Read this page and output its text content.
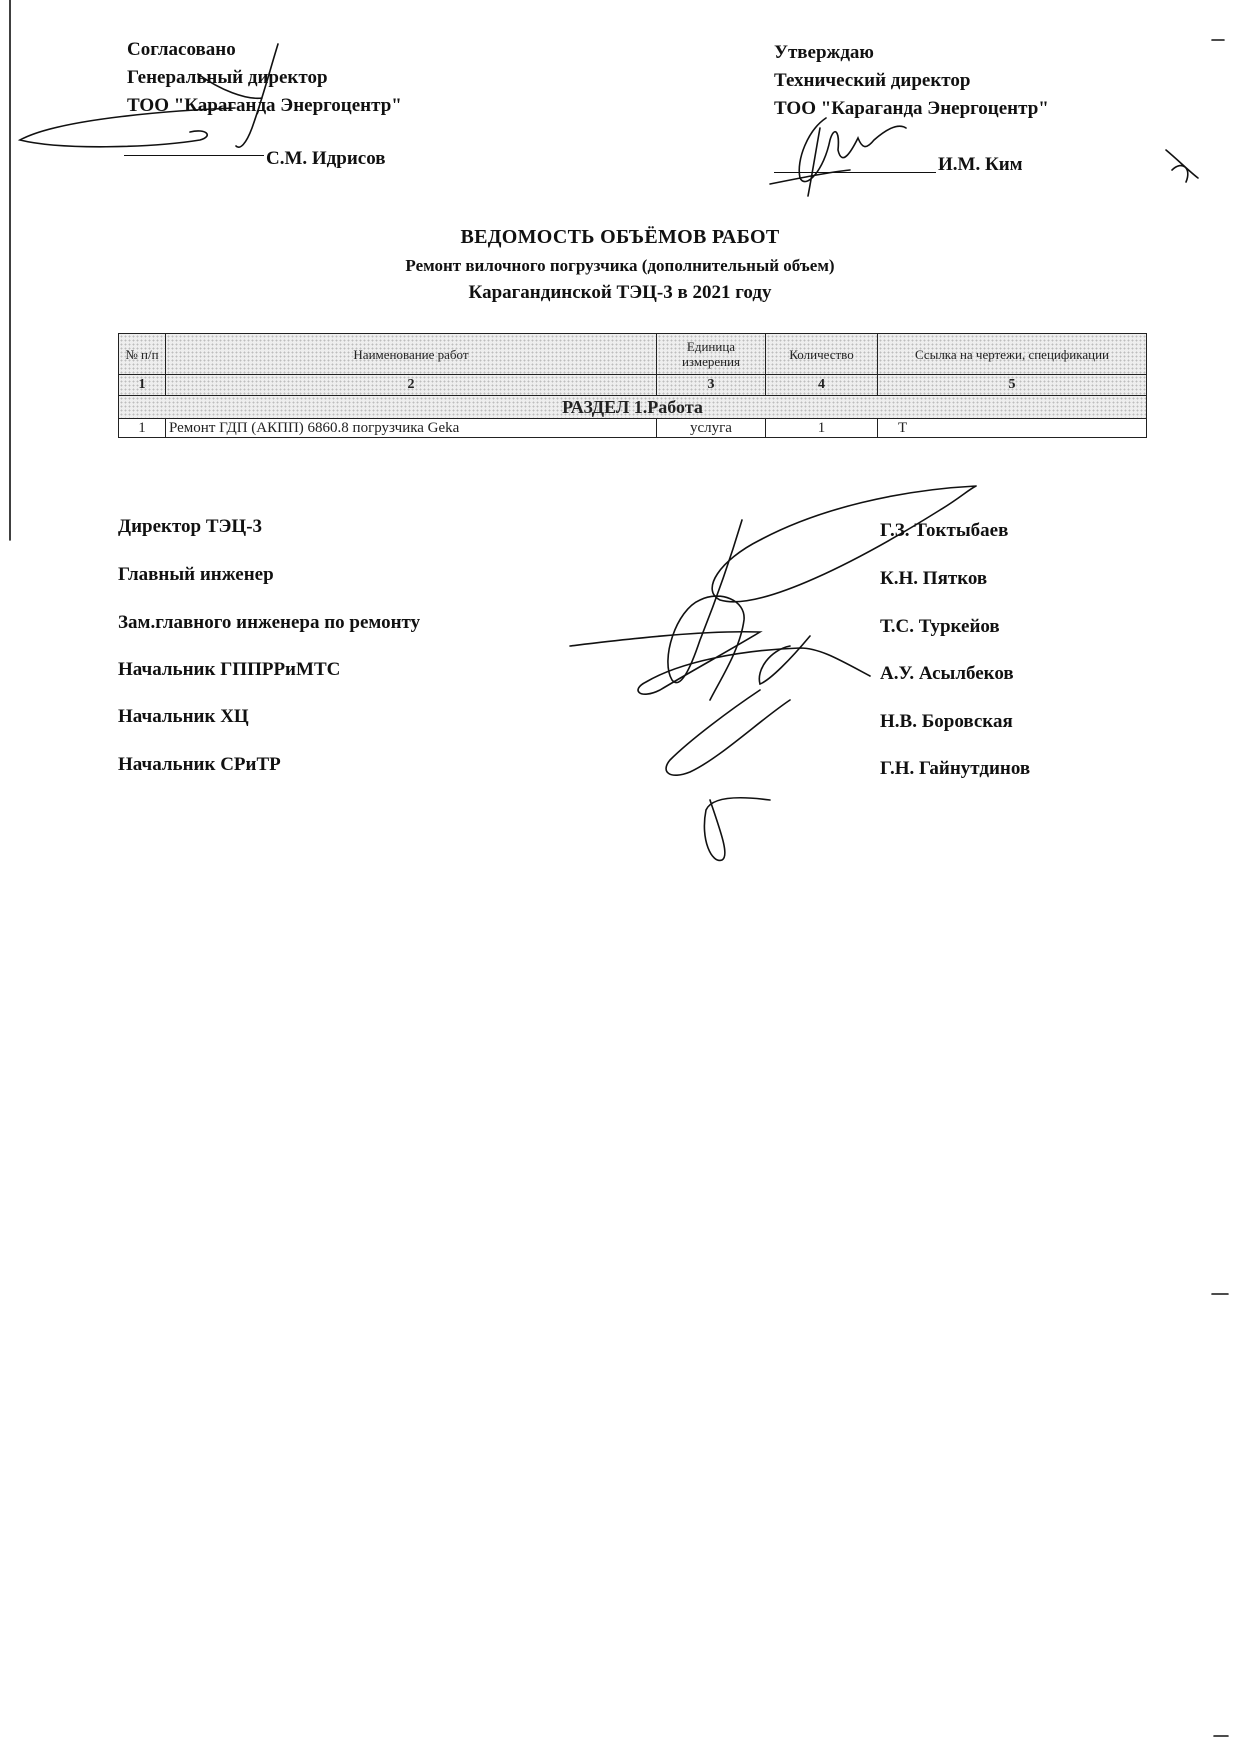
Согласовано
Генеральный директор
ТОО "Караганда Энергоцентр"
С.М. Идрисов
Утверждаю
Технический директор
ТОО "Караганда Энергоцентр"
И.М. Ким
ВЕДОМОСТЬ ОБЪЁМОВ РАБОТ
Ремонт вилочного погрузчика (дополнительный объем)
Карагандинской ТЭЦ-3 в 2021 году
№ п/п	Наименование работ	Единица измерения	Количество	Ссылка на чертежи, спецификации
1	2	3	4	5
РАЗДЕЛ 1.Работа				
1	Ремонт ГДП (АКПП) 6860.8 погрузчика Geka	услуга	1	Т
Директор ТЭЦ-3	Г.З. Токтыбаев
Главный инженер	К.Н. Пятков
Зам.главного инженера по ремонту	Т.С. Туркейов
Начальник ГППРРиМТС	А.У. Асылбеков
Начальник ХЦ	Н.В. Боровская
Начальник СРиТР	Г.Н. Гайнутдинов
